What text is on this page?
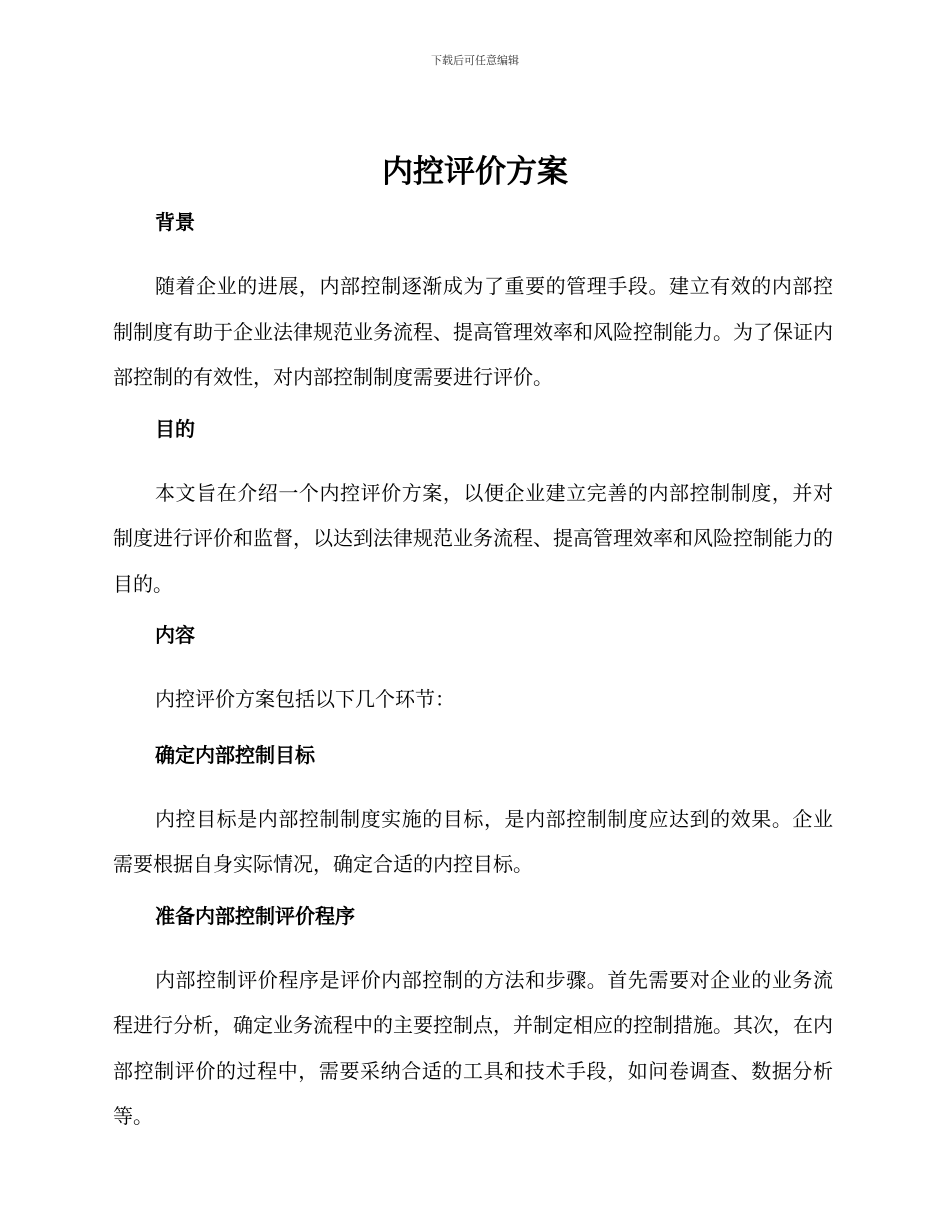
下载后可任意编辑
内控评价方案
背景

随着企业的进展，内部控制逐渐成为了重要的管理手段。建立有效的内部控制制度有助于企业法律规范业务流程、提高管理效率和风险控制能力。为了保证内部控制的有效性，对内部控制制度需要进行评价。

目的

本文旨在介绍一个内控评价方案，以便企业建立完善的内部控制制度，并对制度进行评价和监督，以达到法律规范业务流程、提高管理效率和风险控制能力的目的。

内容

内控评价方案包括以下几个环节：

确定内部控制目标

内控目标是内部控制制度实施的目标，是内部控制制度应达到的效果。企业需要根据自身实际情况，确定合适的内控目标。

准备内部控制评价程序

内部控制评价程序是评价内部控制的方法和步骤。首先需要对企业的业务流程进行分析，确定业务流程中的主要控制点，并制定相应的控制措施。其次，在内部控制评价的过程中，需要采纳合适的工具和技术手段，如问卷调查、数据分析等。
